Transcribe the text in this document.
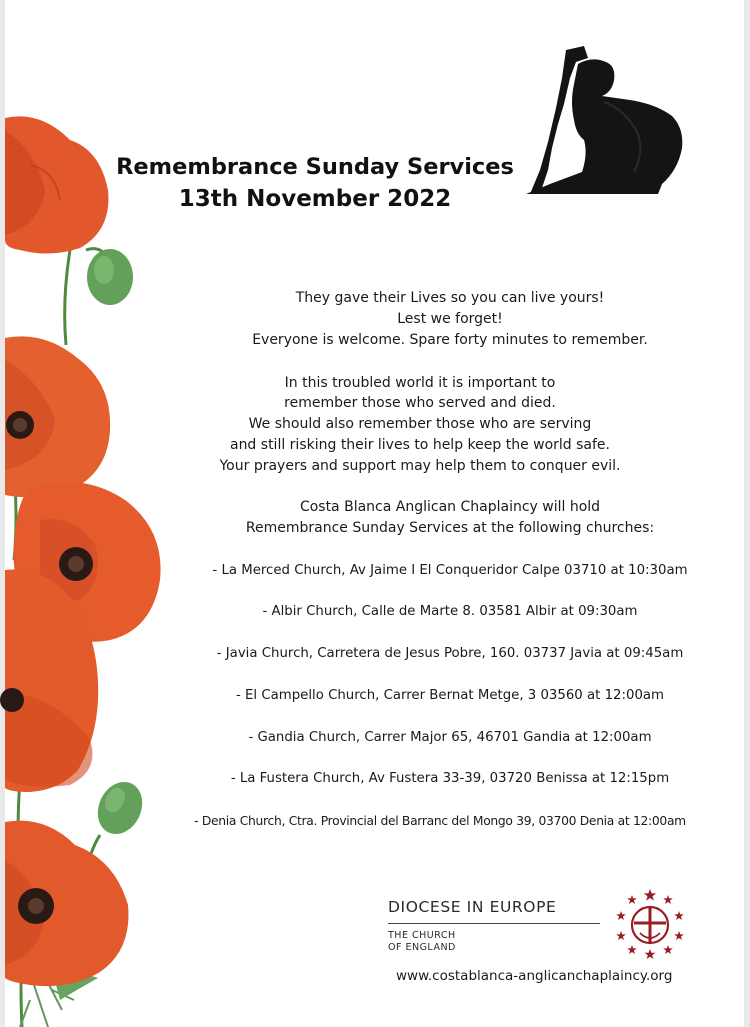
Remembrance Sunday Services
13th November 2022
They gave their Lives so you can live yours!
Lest we forget!
Everyone is welcome. Spare forty minutes to remember.
In this troubled world it is important to
remember those who served and died.
We should also remember those who are serving
and still risking their lives to help keep the world safe.
Your prayers and support may help them to conquer evil.
Costa Blanca Anglican Chaplaincy will hold
Remembrance Sunday Services at the following churches:
- La Merced Church, Av Jaime I El Conqueridor Calpe 03710 at 10:30am
- Albir Church, Calle de Marte 8. 03581 Albir at 09:30am
- Javia Church, Carretera de Jesus Pobre, 160. 03737 Javia at 09:45am
- El Campello Church, Carrer Bernat Metge, 3 03560 at 12:00am
- Gandia Church, Carrer Major 65, 46701 Gandia at 12:00am
- La Fustera Church, Av Fustera 33-39, 03720 Benissa at 12:15pm
- Denia Church, Ctra. Provincial del Barranc del Mongo 39, 03700 Denia at 12:00am
DIOCESE IN EUROPE
THE CHURCH
OF ENGLAND
www.costablanca-anglicanchaplaincy.org
